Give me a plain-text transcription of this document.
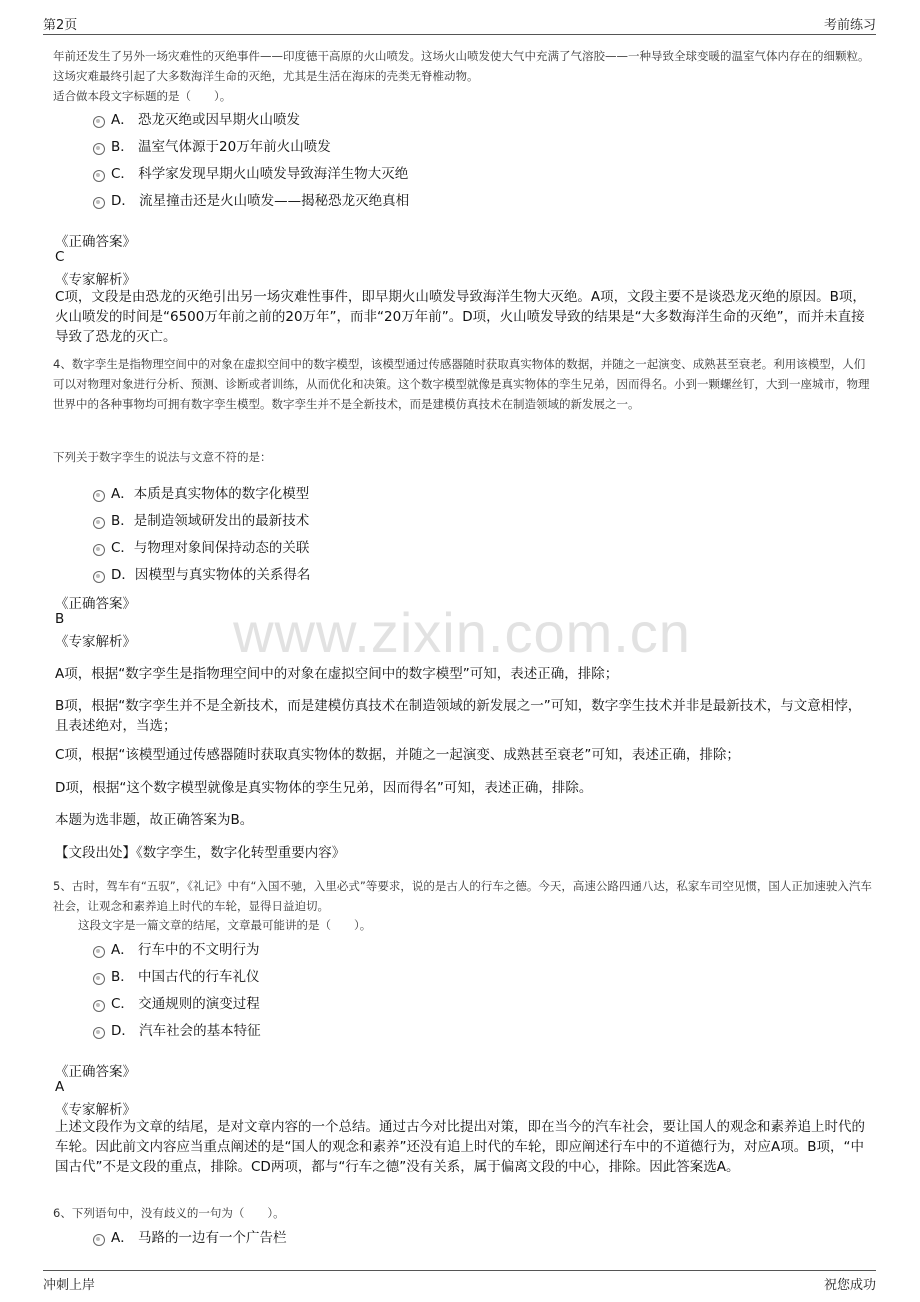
www.zixin.com.cn
第2页	考前练习

年前还发生了另外一场灾难性的灭绝事件——印度德干高原的火山喷发。这场火山喷发使大气中充满了气溶胶——一种导致全球变暖的温室气体内存在的细颗粒。这场灾难最终引起了大多数海洋生命的灭绝，尤其是生活在海床的壳类无脊椎动物。

适合做本段文字标题的是（　　）。

A． 恐龙灭绝或因早期火山喷发
B． 温室气体源于20万年前火山喷发
C． 科学家发现早期火山喷发导致海洋生物大灭绝
D． 流星撞击还是火山喷发——揭秘恐龙灭绝真相
《正确答案》
C
《专家解析》
C项，文段是由恐龙的灭绝引出另一场灾难性事件，即早期火山喷发导致海洋生物大灭绝。A项，文段主要不是谈恐龙灭绝的原因。B项，火山喷发的时间是“6500万年前之前的20万年”，而非“20万年前”。D项，火山喷发导致的结果是“大多数海洋生命的灭绝”，而并未直接导致了恐龙的灭亡。
4、数字孪生是指物理空间中的对象在虚拟空间中的数字模型，该模型通过传感器随时获取真实物体的数据，并随之一起演变、成熟甚至衰老。利用该模型，人们可以对物理对象进行分析、预测、诊断或者训练，从而优化和决策。这个数字模型就像是真实物体的孪生兄弟，因而得名。小到一颗螺丝钉，大到一座城市，物理世界中的各种事物均可拥有数字孪生模型。数字孪生并不是全新技术，而是建模仿真技术在制造领域的新发展之一。
下列关于数字孪生的说法与文意不符的是：
A．本质是真实物体的数字化模型
B．是制造领域研发出的最新技术
C．与物理对象间保持动态的关联
D．因模型与真实物体的关系得名
《正确答案》
B
《专家解析》
A项，根据“数字孪生是指物理空间中的对象在虚拟空间中的数字模型”可知，表述正确，排除；
B项，根据“数字孪生并不是全新技术，而是建模仿真技术在制造领域的新发展之一”可知，数字孪生技术并非是最新技术，与文意相悖，且表述绝对，当选；
C项，根据“该模型通过传感器随时获取真实物体的数据，并随之一起演变、成熟甚至衰老”可知，表述正确，排除；
D项，根据“这个数字模型就像是真实物体的孪生兄弟，因而得名”可知，表述正确，排除。
本题为选非题，故正确答案为B。
【文段出处】《数字孪生，数字化转型重要内容》
5、古时，驾车有“五驭”，《礼记》中有“入国不驰，入里必式”等要求，说的是古人的行车之德。今天，高速公路四通八达，私家车司空见惯，国人正加速驶入汽车社会，让观念和素养追上时代的车轮，显得日益迫切。
这段文字是一篇文章的结尾，文章最可能讲的是（　　）。
A． 行车中的不文明行为
B． 中国古代的行车礼仪
C． 交通规则的演变过程
D． 汽车社会的基本特征
《正确答案》
A
《专家解析》
上述文段作为文章的结尾，是对文章内容的一个总结。通过古今对比提出对策，即在当今的汽车社会，要让国人的观念和素养追上时代的车轮。因此前文内容应当重点阐述的是“国人的观念和素养”还没有追上时代的车轮，即应阐述行车中的不道德行为，对应A项。B项，“中国古代”不是文段的重点，排除。CD两项，都与“行车之德”没有关系，属于偏离文段的中心，排除。因此答案选A。
6、下列语句中，没有歧义的一句为（　　）。
A． 马路的一边有一个广告栏
冲刺上岸	祝您成功
